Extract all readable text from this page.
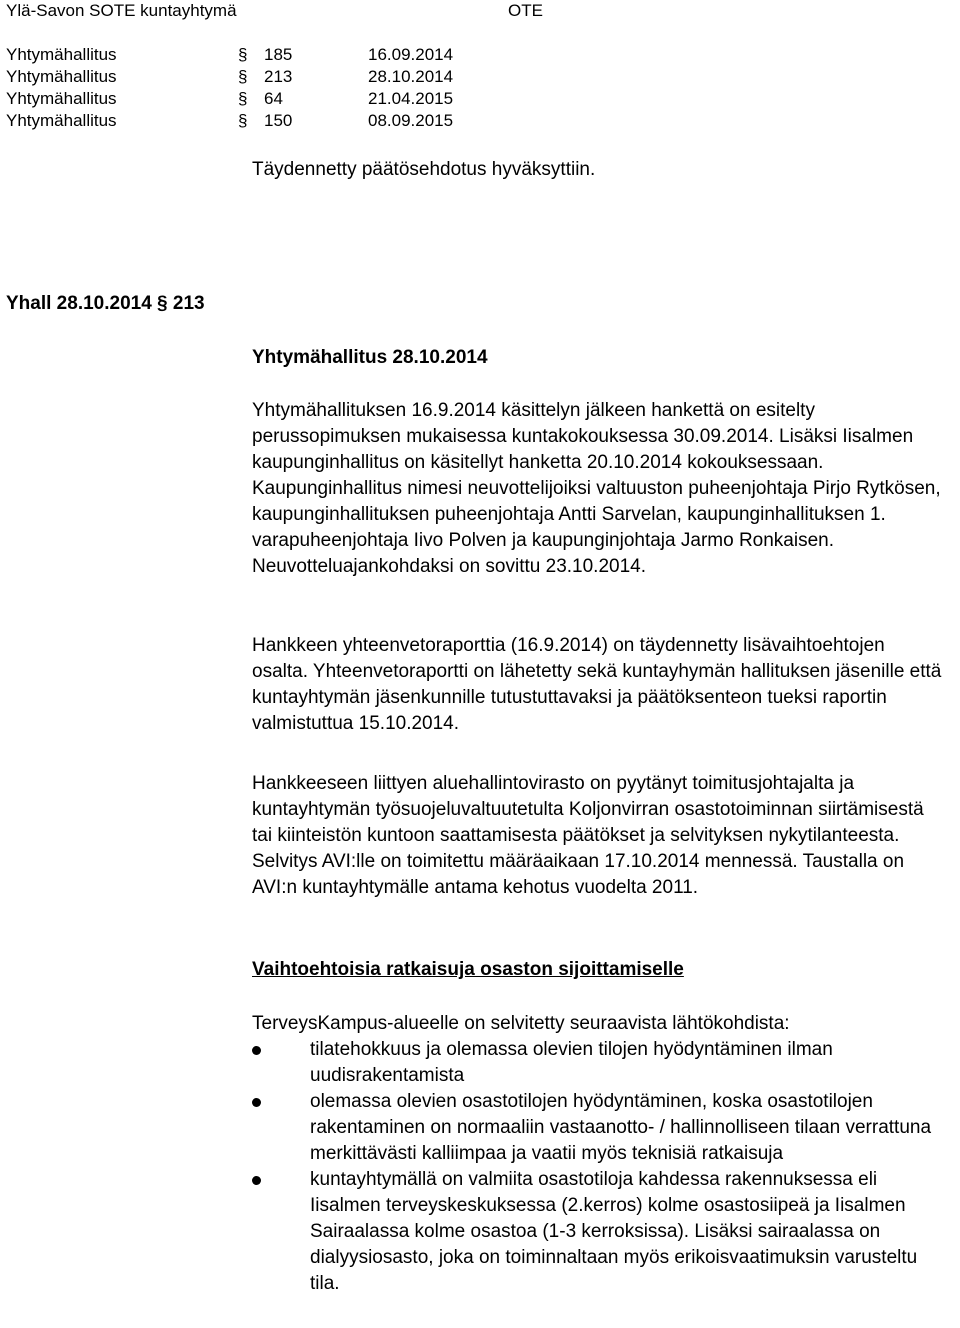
Ylä-Savon SOTE kuntayhtymä	OTE
Yhtymähallitus	§ 185	16.09.2014
Yhtymähallitus	§ 213	28.10.2014
Yhtymähallitus	§ 64	21.04.2015
Yhtymähallitus	§ 150	08.09.2015
Täydennetty päätösehdotus hyväksyttiin.
Yhall 28.10.2014 § 213
Yhtymähallitus 28.10.2014
Yhtymähallituksen 16.9.2014 käsittelyn jälkeen hankettä on esitelty perussopimuksen mukaisessa kuntakokouksessa 30.09.2014. Lisäksi Iisalmen kaupunginhallitus on käsitellyt hanketta 20.10.2014 kokouksessaan. Kaupunginhallitus nimesi neuvottelijoiksi valtuuston puheenjohtaja Pirjo Rytkösen, kaupunginhallituksen puheenjohtaja Antti Sarvelan, kaupunginhallituksen 1. varapuheenjohtaja Iivo Polven ja kaupunginjohtaja Jarmo Ronkaisen. Neuvotteluajankohdaksi on sovittu 23.10.2014.
Hankkeen yhteenvetoraporttia (16.9.2014) on täydennetty lisävaihtoehtojen osalta. Yhteenvetoraportti on lähetetty sekä kuntayhymän hallituksen jäsenille että kuntayhtymän jäsenkunnille tutustuttavaksi ja päätöksenteon tueksi raportin valmistuttua 15.10.2014.
Hankkeeseen liittyen aluehallintovirasto on pyytänyt toimitusjohtajalta ja kuntayhtymän työsuojeluvaltuutetulta Koljonvirran osastotoiminnan siirtämisestä tai kiinteistön kuntoon saattamisesta päätökset ja selvityksen nykytilanteesta. Selvitys AVI:lle on toimitettu määräaikaan 17.10.2014 mennessä. Taustalla on AVI:n kuntayhtymälle antama kehotus vuodelta 2011.
Vaihtoehtoisia ratkaisuja osaston sijoittamiselle
TerveysKampus-alueelle on selvitetty seuraavista lähtökohdista:
tilatehokkuus ja olemassa olevien tilojen hyödyntäminen ilman uudisrakentamista
olemassa olevien osastotilojen hyödyntäminen, koska osastotilojen rakentaminen on normaaliin vastaanotto- / hallinnolliseen tilaan verrattuna merkittävästi kalliimpaa ja vaatii myös teknisiä ratkaisuja
kuntayhtymällä on valmiita osastotiloja kahdessa rakennuksessa eli Iisalmen terveyskeskuksessa (2.kerros) kolme osastosiipeä ja Iisalmen Sairaalassa kolme osastoa (1-3 kerroksissa). Lisäksi sairaalassa on dialyysiosasto, joka on toiminnaltaan myös erikoisvaatimuksin varusteltu tila.
